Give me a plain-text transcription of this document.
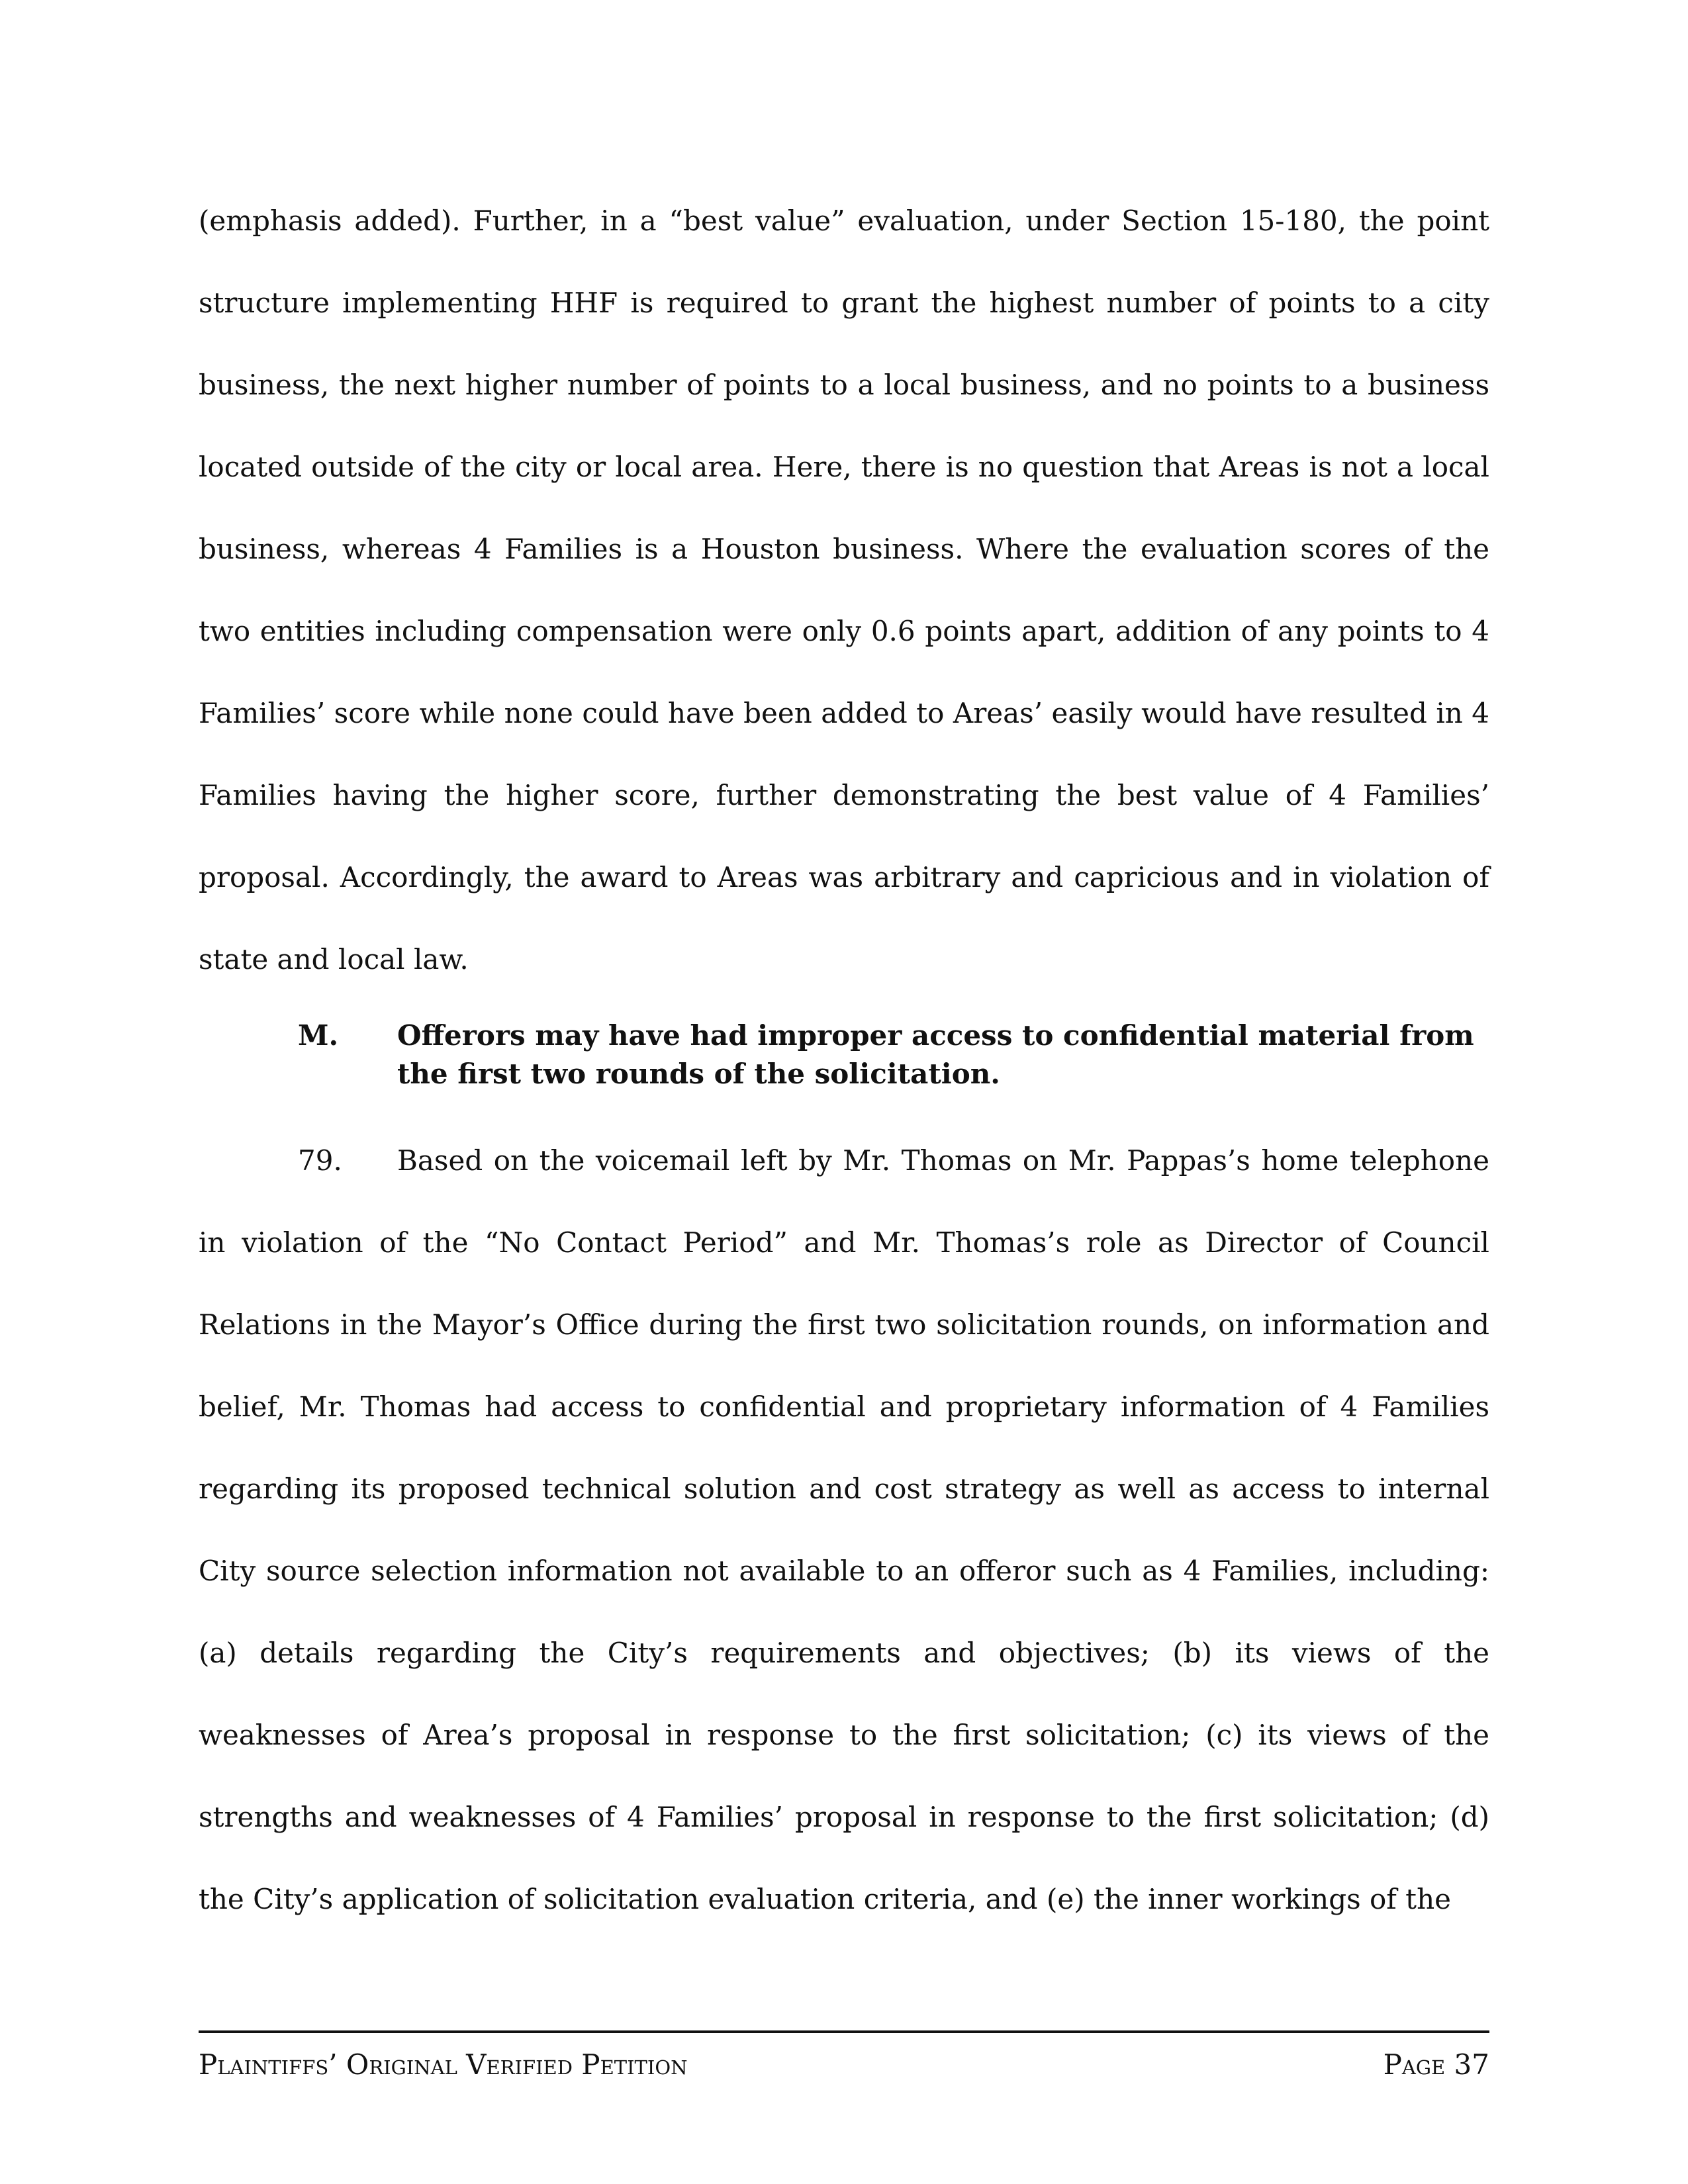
(emphasis added). Further, in a “best value” evaluation, under Section 15-180, the point structure implementing HHF is required to grant the highest number of points to a city business, the next higher number of points to a local business, and no points to a business located outside of the city or local area. Here, there is no question that Areas is not a local business, whereas 4 Families is a Houston business. Where the evaluation scores of the two entities including compensation were only 0.6 points apart, addition of any points to 4 Families’ score while none could have been added to Areas’ easily would have resulted in 4 Families having the higher score, further demonstrating the best value of 4 Families’ proposal. Accordingly, the award to Areas was arbitrary and capricious and in violation of state and local law.

M. Offerors may have had improper access to confidential material from the first two rounds of the solicitation.

79. Based on the voicemail left by Mr. Thomas on Mr. Pappas’s home telephone in violation of the “No Contact Period” and Mr. Thomas’s role as Director of Council Relations in the Mayor’s Office during the first two solicitation rounds, on information and belief, Mr. Thomas had access to confidential and proprietary information of 4 Families regarding its proposed technical solution and cost strategy as well as access to internal City source selection information not available to an offeror such as 4 Families, including: (a) details regarding the City’s requirements and objectives; (b) its views of the weaknesses of Area’s proposal in response to the first solicitation; (c) its views of the strengths and weaknesses of 4 Families’ proposal in response to the first solicitation; (d) the City’s application of solicitation evaluation criteria, and (e) the inner workings of the

Plaintiffs’ Original Verified Petition	Page 37
